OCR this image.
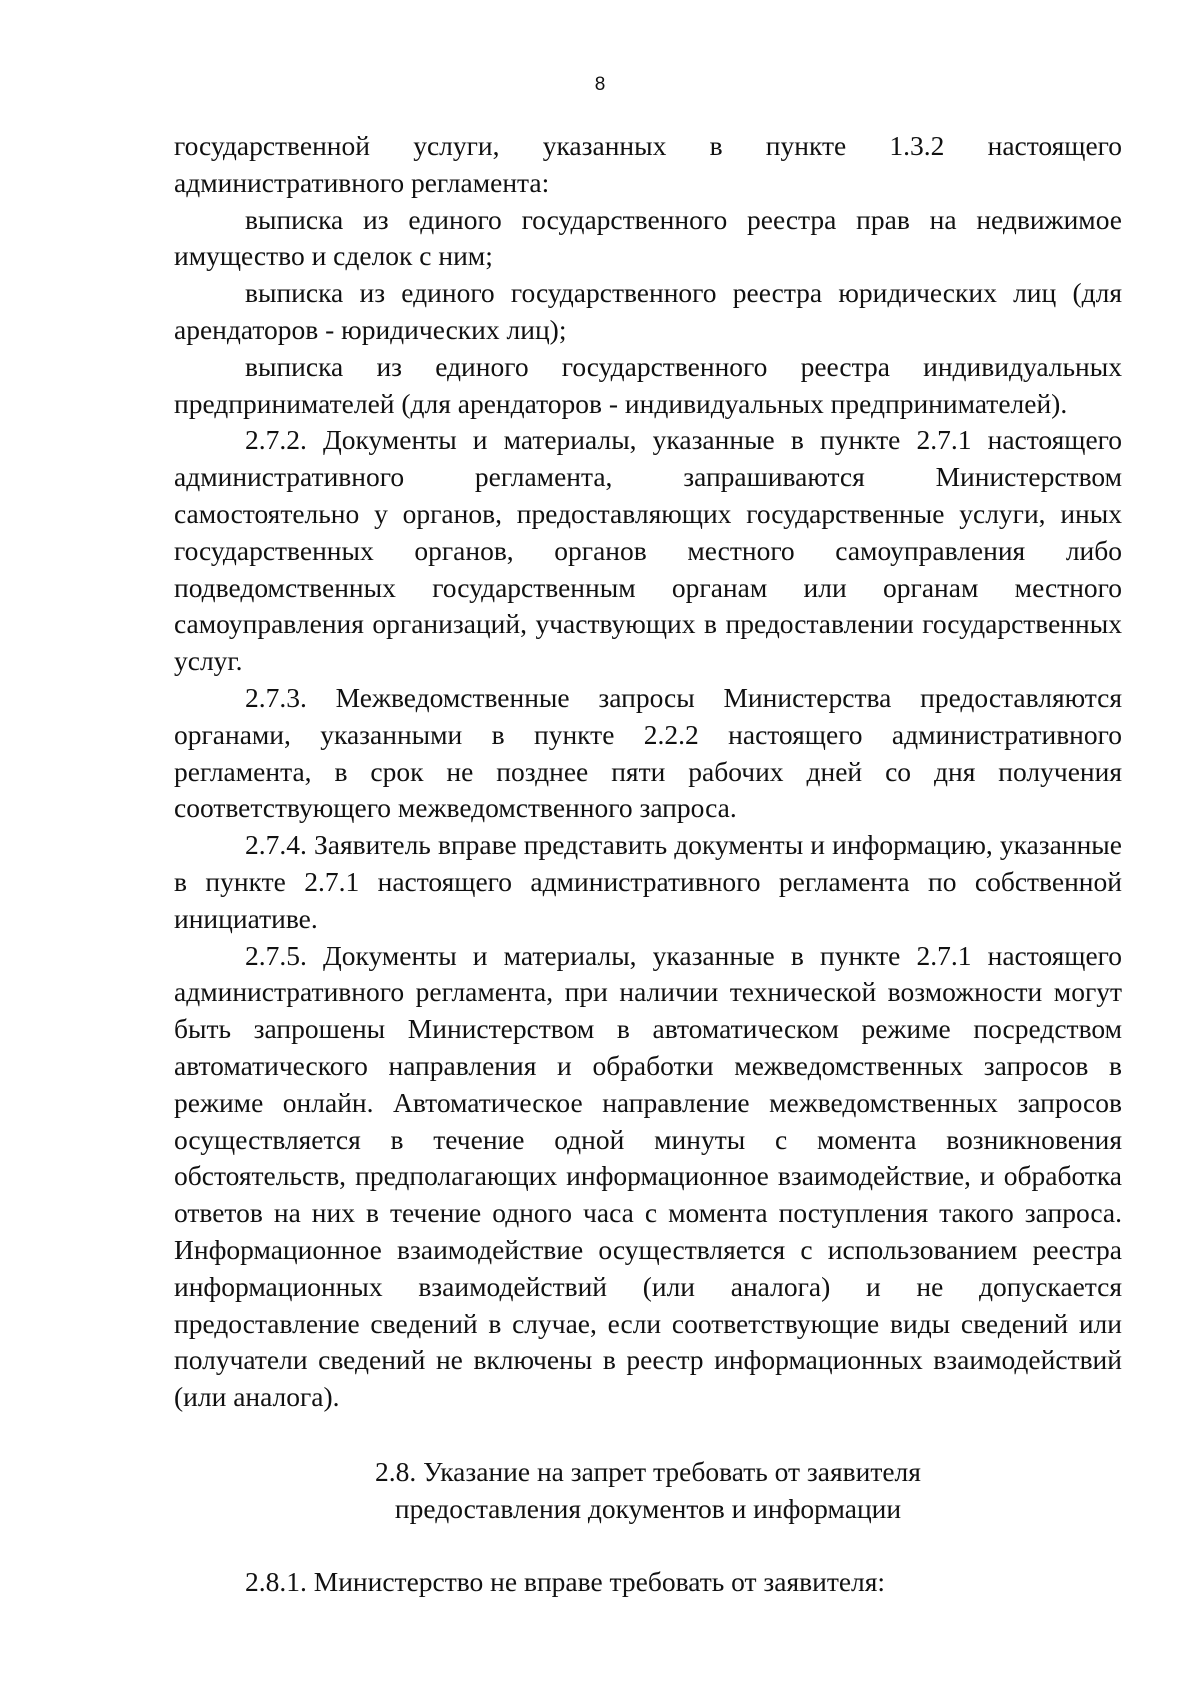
8

государственной услуги, указанных в пункте 1.3.2 настоящего административного регламента:

выписка из единого государственного реестра прав на недвижимое имущество и сделок с ним;

выписка из единого государственного реестра юридических лиц (для арендаторов - юридических лиц);

выписка из единого государственного реестра индивидуальных предпринимателей (для арендаторов - индивидуальных предпринимателей).

2.7.2. Документы и материалы, указанные в пункте 2.7.1 настоящего административного регламента, запрашиваются Министерством самостоятельно у органов, предоставляющих государственные услуги, иных государственных органов, органов местного самоуправления либо подведомственных государственным органам или органам местного самоуправления организаций, участвующих в предоставлении государственных услуг.

2.7.3. Межведомственные запросы Министерства предоставляются органами, указанными в пункте 2.2.2 настоящего административного регламента, в срок не позднее пяти рабочих дней со дня получения соответствующего межведомственного запроса.

2.7.4. Заявитель вправе представить документы и информацию, указанные в пункте 2.7.1 настоящего административного регламента по собственной инициативе.

2.7.5. Документы и материалы, указанные в пункте 2.7.1 настоящего административного регламента, при наличии технической возможности могут быть запрошены Министерством в автоматическом режиме посредством автоматического направления и обработки межведомственных запросов в режиме онлайн. Автоматическое направление межведомственных запросов осуществляется в течение одной минуты с момента возникновения обстоятельств, предполагающих информационное взаимодействие, и обработка ответов на них в течение одного часа с момента поступления такого запроса. Информационное взаимодействие осуществляется с использованием реестра информационных взаимодействий (или аналога) и не допускается предоставление сведений в случае, если соответствующие виды сведений или получатели сведений не включены в реестр информационных взаимодействий (или аналога).

2.8. Указание на запрет требовать от заявителя
предоставления документов и информации

2.8.1. Министерство не вправе требовать от заявителя:
